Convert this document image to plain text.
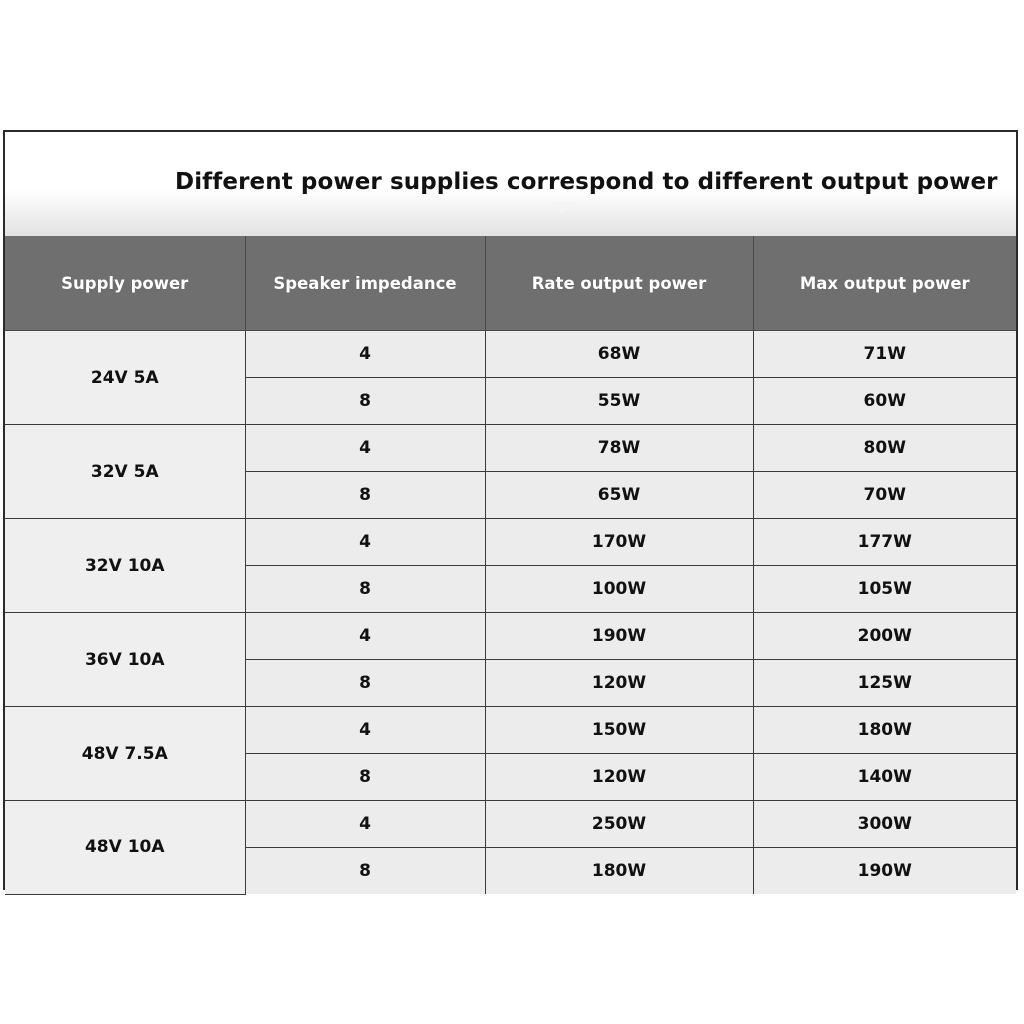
Different power supplies correspond to different output power
Supply power	Speaker impedance	Rate output power	Max output power
24V 5A	4	68W	71W
	8	55W	60W
32V 5A	4	78W	80W
	8	65W	70W
32V 10A	4	170W	177W
	8	100W	105W
36V 10A	4	190W	200W
	8	120W	125W
48V 7.5A	4	150W	180W
	8	120W	140W
48V 10A	4	250W	300W
	8	180W	190W
